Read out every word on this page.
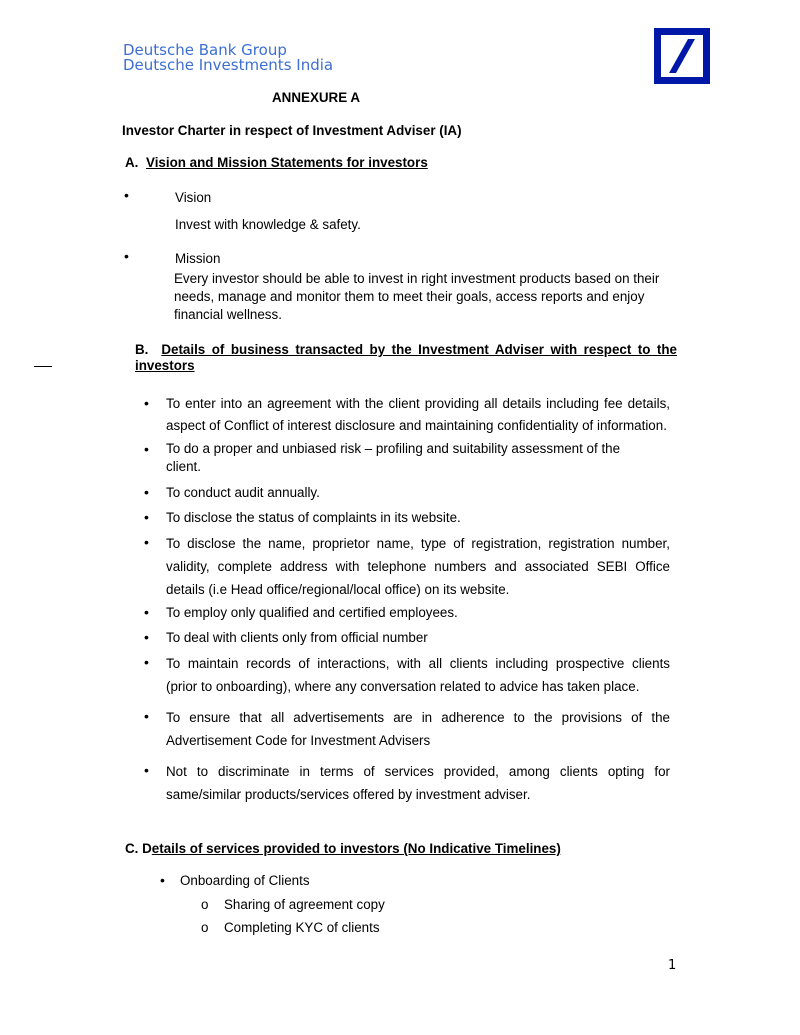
Deutsche Bank Group
Deutsche Investments India
ANNEXURE A
Investor Charter in respect of Investment Adviser (IA)
A. Vision and Mission Statements for investors
•	Vision
Invest with knowledge & safety.
•	Mission
Every investor should be able to invest in right investment products based on their
needs, manage and monitor them to meet their goals, access reports and enjoy
financial wellness.
B. Details of business transacted by the Investment Adviser with respect to the
investors
• To enter into an agreement with the client providing all details including fee details,
aspect of Conflict of interest disclosure and maintaining confidentiality of information.
• To do a proper and unbiased risk – profiling and suitability assessment of the
client.
• To conduct audit annually.
• To disclose the status of complaints in its website.
• To disclose the name, proprietor name, type of registration, registration number,
validity, complete address with telephone numbers and associated SEBI Office
details (i.e Head office/regional/local office) on its website.
• To employ only qualified and certified employees.
• To deal with clients only from official number
• To maintain records of interactions, with all clients including prospective clients
(prior to onboarding), where any conversation related to advice has taken place.
• To ensure that all advertisements are in adherence to the provisions of the
Advertisement Code for Investment Advisers
• Not to discriminate in terms of services provided, among clients opting for
same/similar products/services offered by investment adviser.
C. Details of services provided to investors (No Indicative Timelines)
• Onboarding of Clients
o Sharing of agreement copy
o Completing KYC of clients
1
